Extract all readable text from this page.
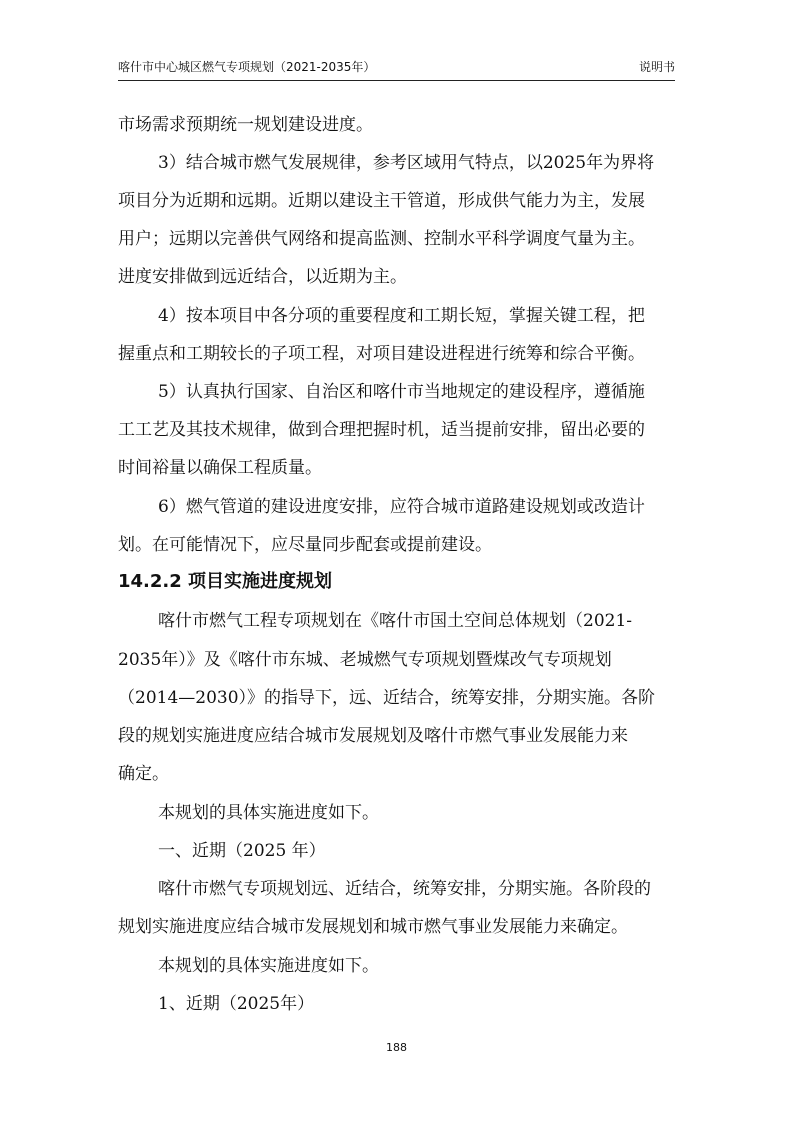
喀什市中心城区燃气专项规划（2021-2035年）	说明书
市场需求预期统一规划建设进度。
3）结合城市燃气发展规律，参考区域用气特点，以2025年为界将
项目分为近期和远期。近期以建设主干管道，形成供气能力为主，发展
用户；远期以完善供气网络和提高监测、控制水平科学调度气量为主。
进度安排做到远近结合，以近期为主。
4）按本项目中各分项的重要程度和工期长短，掌握关键工程，把
握重点和工期较长的子项工程，对项目建设进程进行统筹和综合平衡。
5）认真执行国家、自治区和喀什市当地规定的建设程序，遵循施
工工艺及其技术规律，做到合理把握时机，适当提前安排，留出必要的
时间裕量以确保工程质量。
6）燃气管道的建设进度安排，应符合城市道路建设规划或改造计
划。在可能情况下，应尽量同步配套或提前建设。
14.2.2 项目实施进度规划
喀什市燃气工程专项规划在《喀什市国土空间总体规划（2021-
2035年）》及《喀什市东城、老城燃气专项规划暨煤改气专项规划
（2014—2030）》的指导下，远、近结合，统筹安排，分期实施。各阶
段的规划实施进度应结合城市发展规划及喀什市燃气事业发展能力来
确定。
本规划的具体实施进度如下。
一、近期（2025 年）
喀什市燃气专项规划远、近结合，统筹安排，分期实施。各阶段的
规划实施进度应结合城市发展规划和城市燃气事业发展能力来确定。
本规划的具体实施进度如下。
1、近期（2025年）
188
